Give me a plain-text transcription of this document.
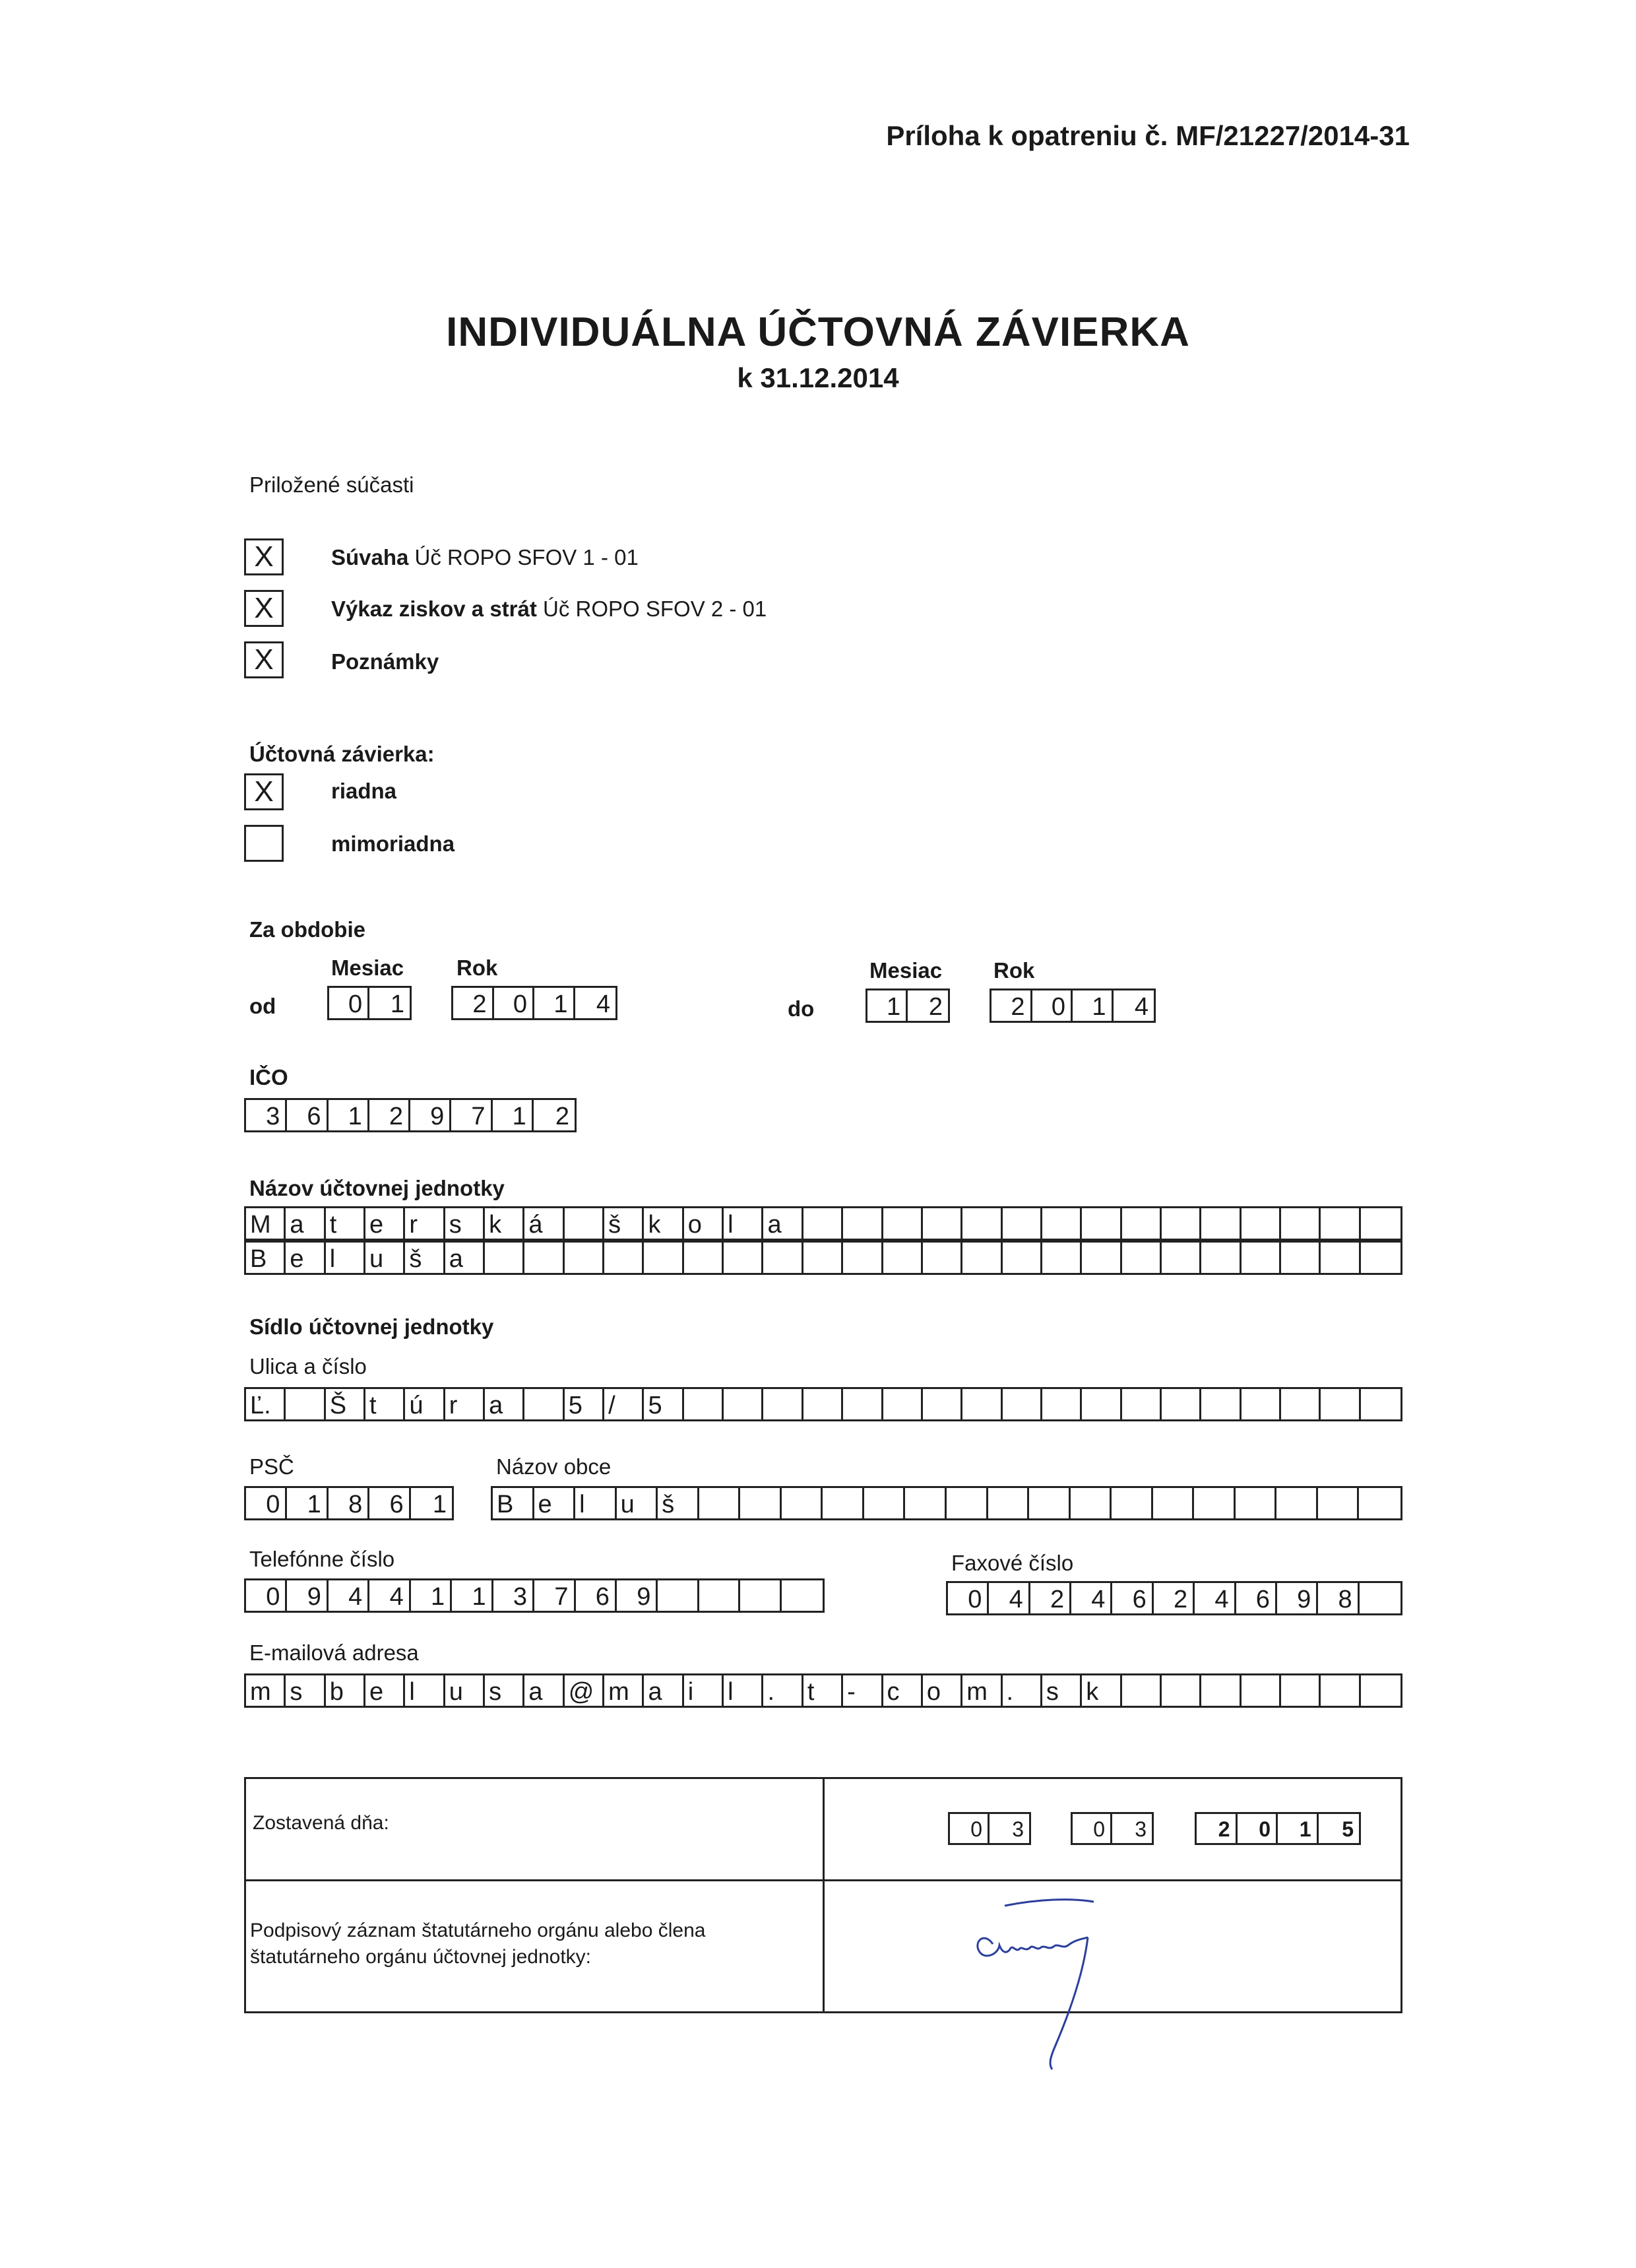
Príloha k opatreniu č. MF/21227/2014-31
INDIVIDUÁLNA ÚČTOVNÁ ZÁVIERKA
k 31.12.2014
Priložené súčasti
X	Súvaha Úč ROPO SFOV 1 - 01
X	Výkaz ziskov a strát Úč ROPO SFOV 2 - 01
X	Poznámky
Účtovná závierka:
X	riadna
mimoriadna
Za obdobie
Mesiac Rok	Mesiac Rok
od	0	1	2	0	1	4	do	1	2	2	0	1	4
IČO
3	6	1	2	9	7	1	2
Názov účtovnej jednotky
M a	t	e	r	s	k	á	š	k	o	l	a
B e	l	u	š	a
Sídlo účtovnej jednotky
Ulica a číslo
Ľ.	Š t	ú	r	a	5	/	5
PSČ
0	1	8	6	1
Názov obce
B e	l	u	š
Telefónne číslo
0	9	4	4	1	1	3	7	6	9
Faxové číslo
0	4	2	4	6	2	4	6	9	8
E-mailová adresa
m s	b	e	l	u	s	a	@ m a	i	l	.	t	-	c	o	m .	s	k
Zostavená dňa:
Podpisový záznam štatutárneho orgánu alebo člena štatutárneho orgánu účtovnej jednotky:
0	3	0	3	2	0	1	5
